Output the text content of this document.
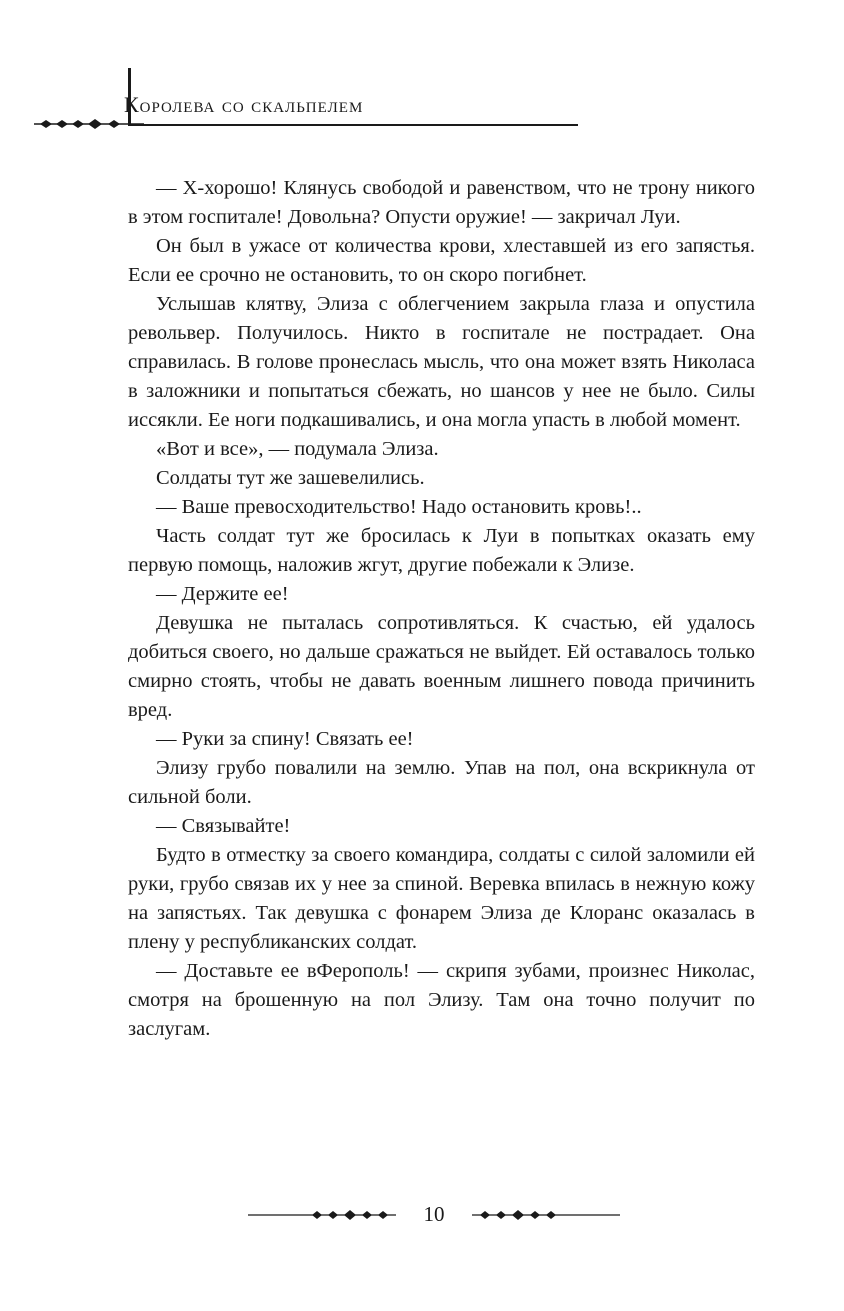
Королева со скальпелем

— Х-хорошо! Клянусь свободой и равенством, что не трону никого в этом госпитале! Довольна? Опусти оружие! — закричал Луи.

Он был в ужасе от количества крови, хлеставшей из его запястья. Если ее срочно не остановить, то он скоро погибнет.

Услышав клятву, Элиза с облегчением закрыла глаза и опустила револьвер. Получилось. Никто в госпитале не пострадает. Она справилась. В голове пронеслась мысль, что она может взять Николаса в заложники и попытаться сбежать, но шансов у нее не было. Силы иссякли. Ее ноги подкашивались, и она могла упасть в любой момент.

«Вот и все», — подумала Элиза.

Солдаты тут же зашевелились.

— Ваше превосходительство! Надо остановить кровь!..

Часть солдат тут же бросилась к Луи в попытках оказать ему первую помощь, наложив жгут, другие побежали к Элизе.

— Держите ее!

Девушка не пыталась сопротивляться. К счастью, ей удалось добиться своего, но дальше сражаться не выйдет. Ей оставалось только смирно стоять, чтобы не давать военным лишнего повода причинить вред.

— Руки за спину! Связать ее!

Элизу грубо повалили на землю. Упав на пол, она вскрикнула от сильной боли.

— Связывайте!

Будто в отместку за своего командира, солдаты с силой заломили ей руки, грубо связав их у нее за спиной. Веревка впилась в нежную кожу на запястьях. Так девушка с фонарем Элиза де Клоранс оказалась в плену у республиканских солдат.

— Доставьте ее вФерополь! — скрипя зубами, произнес Николас, смотря на брошенную на пол Элизу. Там она точно получит по заслугам.

10
